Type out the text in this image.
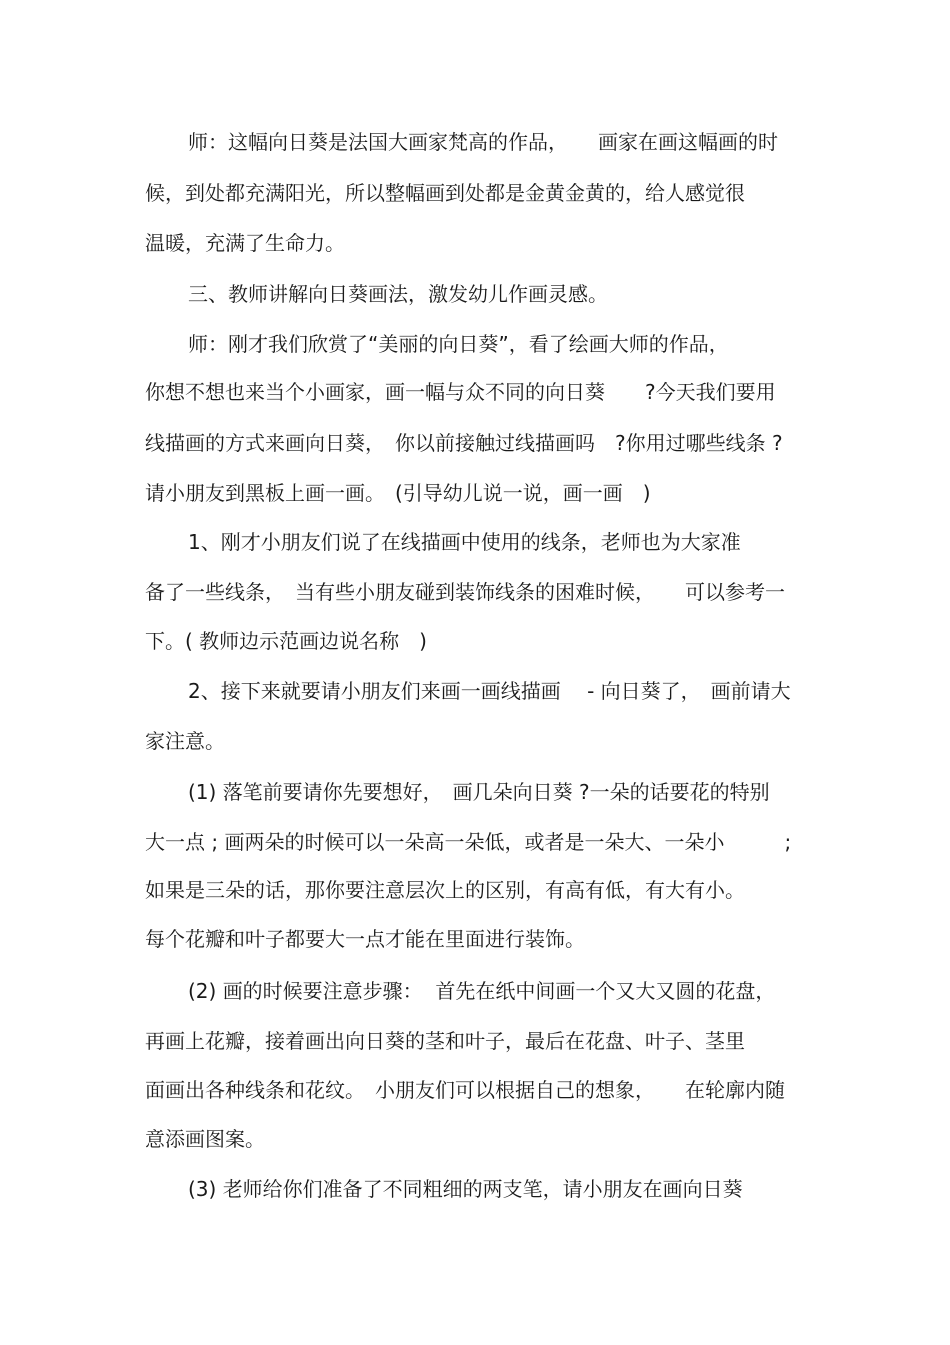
师：这幅向日葵是法国大画家梵高的作品，　　画家在画这幅画的时
候，到处都充满阳光，所以整幅画到处都是金黄金黄的，给人感觉很
温暖，充满了生命力。
三、教师讲解向日葵画法，激发幼儿作画灵感。
师：刚才我们欣赏了“美丽的向日葵”，看了绘画大师的作品，
你想不想也来当个小画家，画一幅与众不同的向日葵　　?今天我们要用
线描画的方式来画向日葵，　你以前接触过线描画吗　?你用过哪些线条 ?
请小朋友到黑板上画一画。　(引导幼儿说一说，画一画　)
1、刚才小朋友们说了在线描画中使用的线条，老师也为大家准
备了一些线条，　当有些小朋友碰到装饰线条的困难时候，　　可以参考一
下。( 教师边示范画边说名称　)
2、接下来就要请小朋友们来画一画线描画　 - 向日葵了，　画前请大
家注意。
(1) 落笔前要请你先要想好，　画几朵向日葵 ?一朵的话要花的特别
大一点 ; 画两朵的时候可以一朵高一朵低，或者是一朵大、一朵小　　　;
如果是三朵的话，那你要注意层次上的区别，有高有低，有大有小。
每个花瓣和叶子都要大一点才能在里面进行装饰。
(2) 画的时候要注意步骤：  首先在纸中间画一个又大又圆的花盘，
再画上花瓣，接着画出向日葵的茎和叶子，最后在花盘、叶子、茎里
面画出各种线条和花纹。　小朋友们可以根据自己的想象，　　在轮廓内随
意添画图案。
(3) 老师给你们准备了不同粗细的两支笔，请小朋友在画向日葵
